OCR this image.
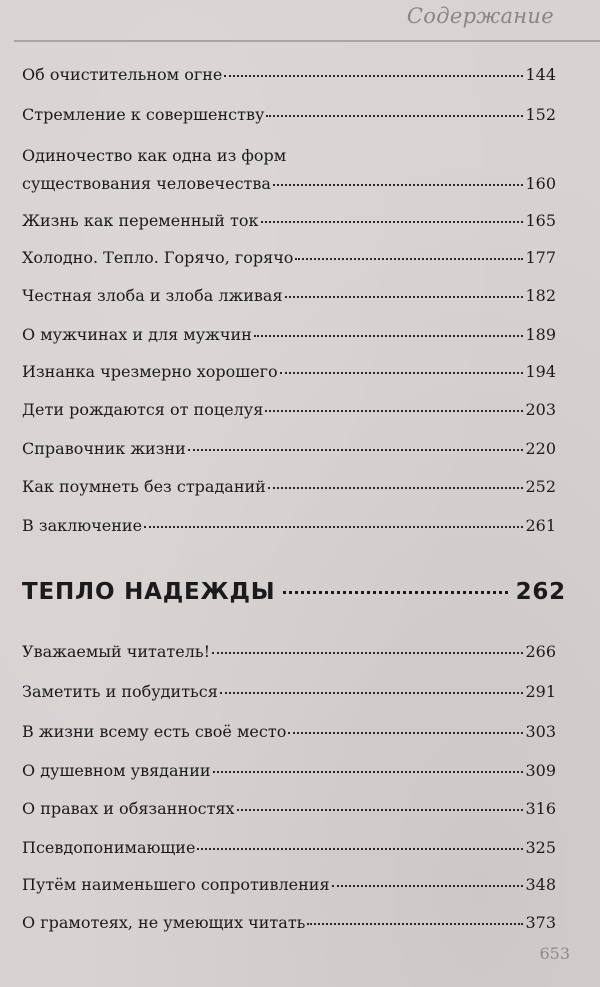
Содержание
Об очистительном огне	144
Стремление к совершенству	152
Одиночество как одна из форм
существования человечества	160
Жизнь как переменный ток	165
Холодно. Тепло. Горячо, горячо	177
Честная злоба и злоба лживая	182
О мужчинах и для мужчин	189
Изнанка чрезмерно хорошего	194
Дети рождаются от поцелуя	203
Справочник жизни	220
Как поумнеть без страданий	252
В заключение	261
ТЕПЛО НАДЕЖДЫ	262
Уважаемый читатель!	266
Заметить и побудиться	291
В жизни всему есть своё место	303
О душевном увядании	309
О правах и обязанностях	316
Псевдопонимающие	325
Путём наименьшего сопротивления	348
О грамотеях, не умеющих читать	373
653
